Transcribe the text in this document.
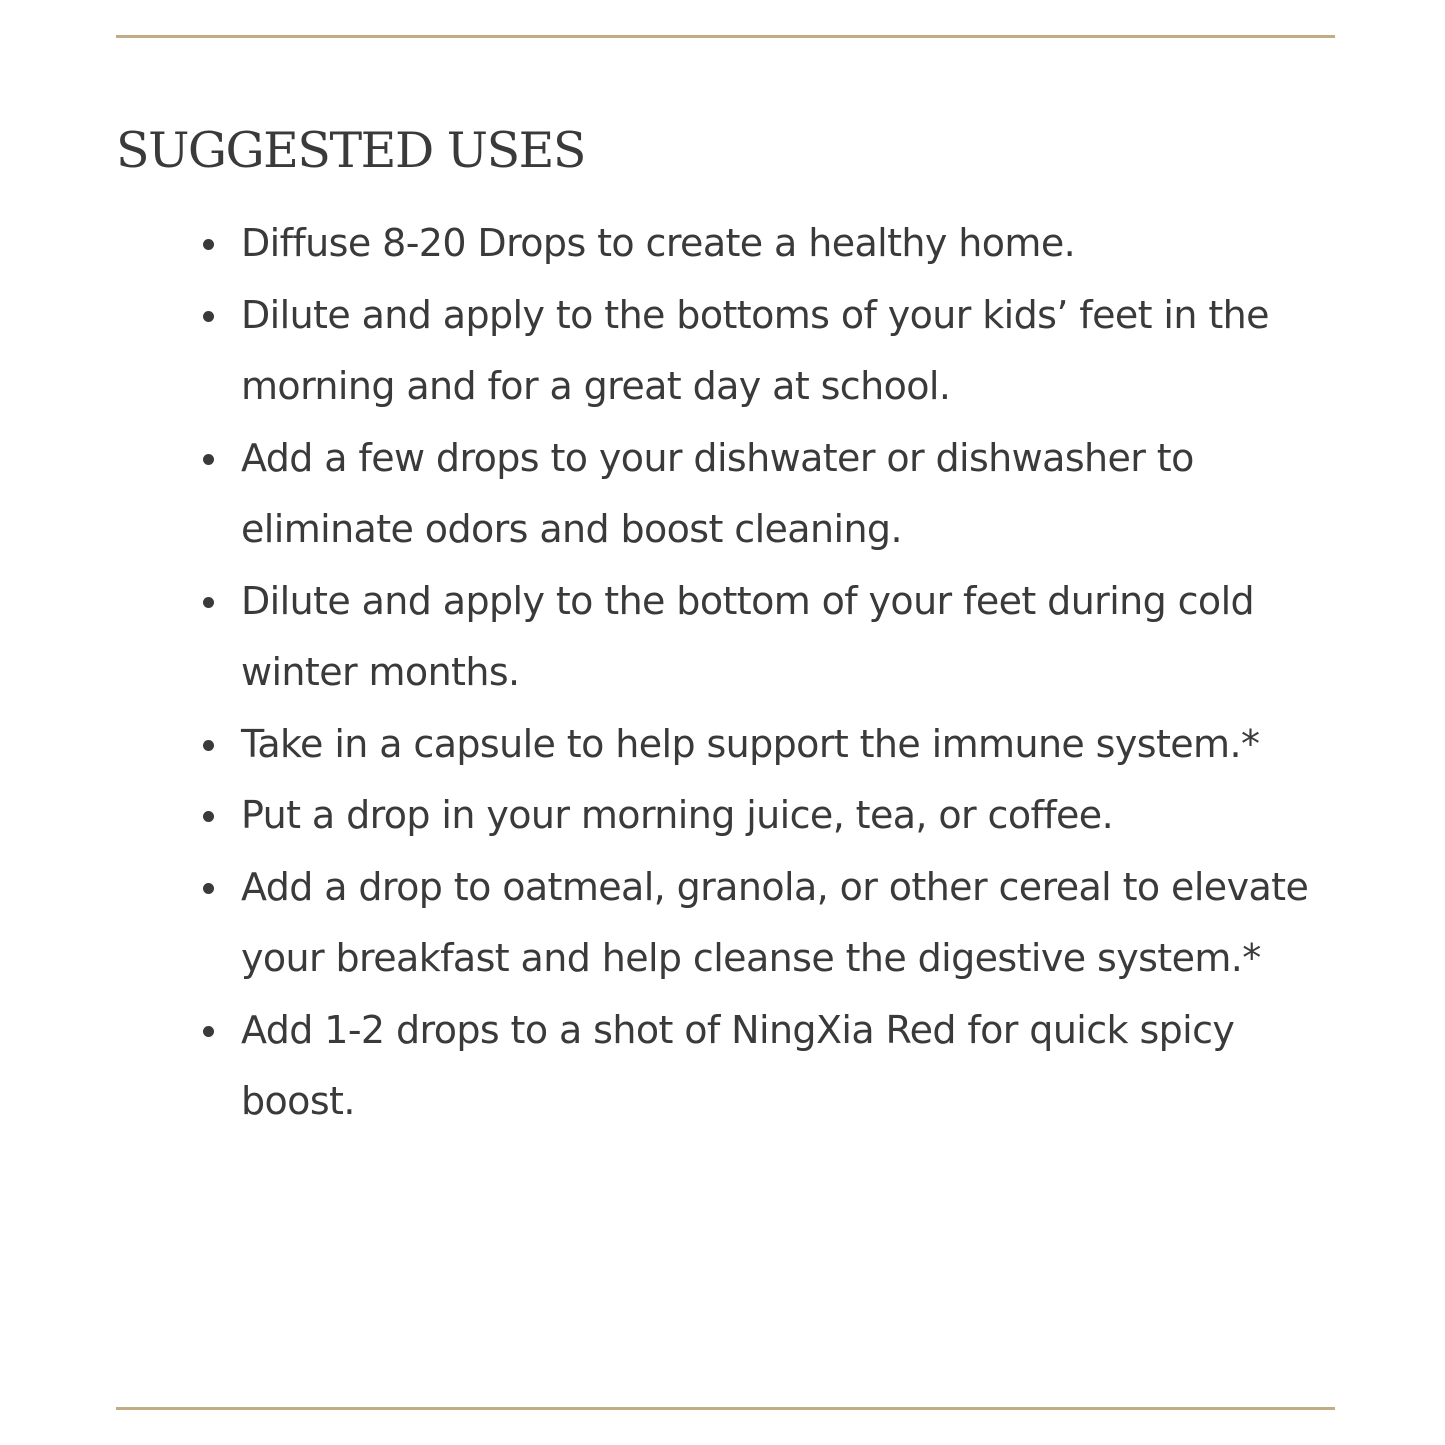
SUGGESTED USES
Diffuse 8-20 Drops to create a healthy home.
Dilute and apply to the bottoms of your kids’ feet in the morning and for a great day at school.
Add a few drops to your dishwater or dishwasher to eliminate odors and boost cleaning.
Dilute and apply to the bottom of your feet during cold winter months.
Take in a capsule to help support the immune system.*
Put a drop in your morning juice, tea, or coffee.
Add a drop to oatmeal, granola, or other cereal to elevate your breakfast and help cleanse the digestive system.*
Add 1-2 drops to a shot of NingXia Red for quick spicy boost.
